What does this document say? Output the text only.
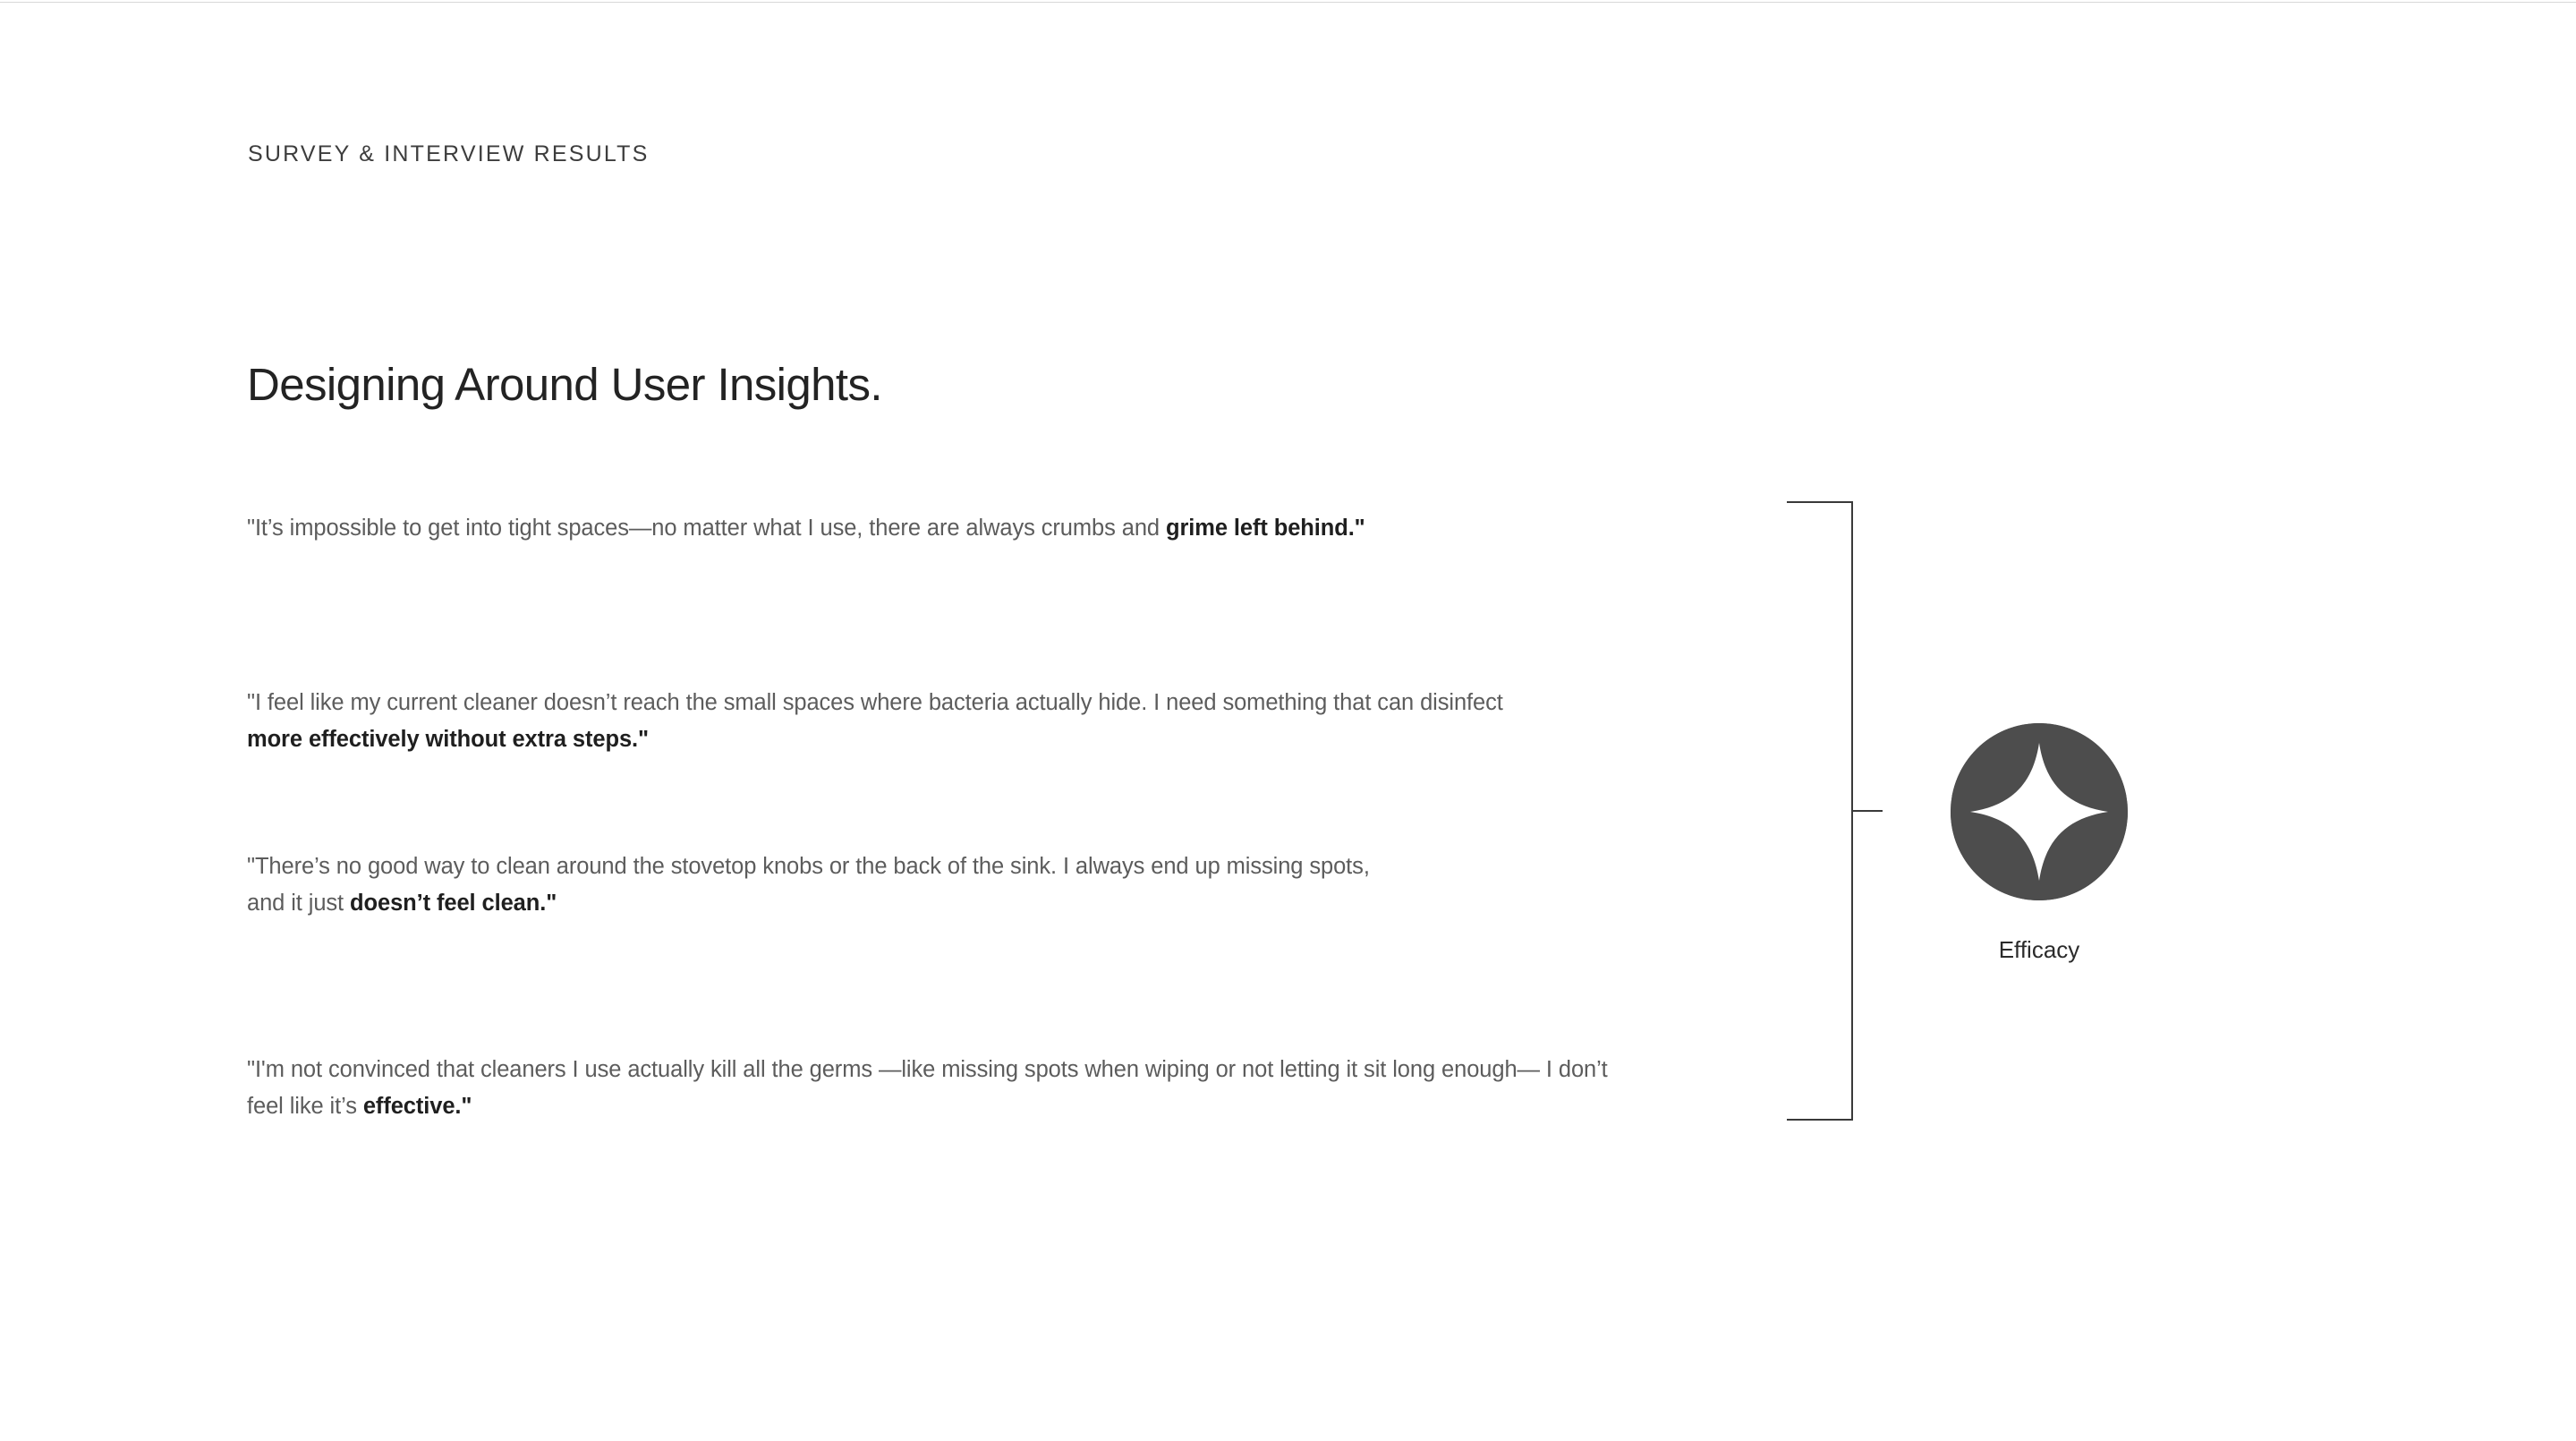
SURVEY & INTERVIEW RESULTS
Designing Around User Insights.
"It’s impossible to get into tight spaces—no matter what I use, there are always crumbs and grime left behind."
"I feel like my current cleaner doesn’t reach the small spaces where bacteria actually hide. I need something that can disinfect more effectively without extra steps."
"There’s no good way to clean around the stovetop knobs or the back of the sink. I always end up missing spots, and it just doesn’t feel clean."
"I'm not convinced that cleaners I use actually kill all the germs —like missing spots when wiping or not letting it sit long enough— I don’t feel like it’s effective."
Efficacy
